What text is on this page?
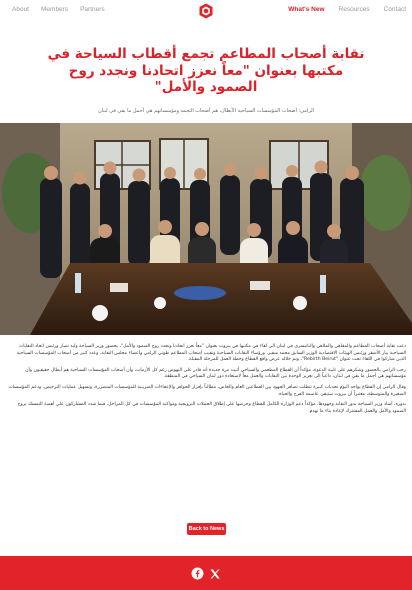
About Members Partners	What's New Resources Contact
نقابة أصحاب المطاعم تجمع أقطاب السياحة في
مكتبها بعنوان "معاً نعزز اتحادنا ونجدد روح
الصمود والأمل"
الرامي: أصحاب المؤسسات السياحية الأبطال، هم أصحاب النجمة ومؤسساتهم هي أجمل ما بقي في لبنان

دعت نقابة أصحاب المطاعم والمقاهي والملاهي والباتيسري في لبنان الى لقاء في مكتبها في بيروت بعنوان "معاً نعزز اتحادنا ونجدد روح الصمود والأمل"، بحضور وزير السياحة وليد نصار ورئيس اتحاد النقابات السياحية بيار الأشقر ورئيس الهيئات الاقتصادية الوزير السابق محمد شقير، ورؤساء النقابات السياحية ونقيب أصحاب المطاعم طوني الرامي وأعضاء مجلس النقابة، وعدد كبير من أصحاب المؤسسات السياحية الذين شاركوا في اللقاء تحت عنوان "Rebirth Beirut"، وتم خلاله عرض واقع القطاع وخطة العمل للمرحلة المقبلة.

رحب الرامي بالحضور وشكرهم على تلبية الدعوة، مؤكداً أن القطاع المطعمي والسياحي أثبت مرة جديدة أنه قادر على النهوض رغم كل الأزمات، وأن أصحاب المؤسسات السياحية هم أبطال حقيقيون وأن مؤسساتهم هي أجمل ما بقي في لبنان، داعياً الى تعزيز الوحدة بين النقابات والعمل معاً لاستعادة دور لبنان السياحي في المنطقة.

وقال الرامي إن القطاع يواجه اليوم تحديات كبيرة تتطلب تضافر الجهود بين القطاعين العام والخاص، مطالباً بإقرار الحوافز والإعفاءات الضريبية للمؤسسات المتضررة، وتسهيل عمليات الترخيص، ودعم المؤسسات الصغيرة والمتوسطة، معتبراً أن بيروت ستبقى عاصمة الفرح والحياة.

بدوره، أشاد وزير السياحة بدور النقابة وجهودها، مؤكداً دعم الوزارة الكامل للقطاع وحرصها على إطلاق الحملات الترويجية ومواكبة المؤسسات في كل المراحل، فيما شدد المشاركون على أهمية التمسك بروح الصمود والأمل والعمل المشترك لإعادة بناء ما تهدم.

Back to News
